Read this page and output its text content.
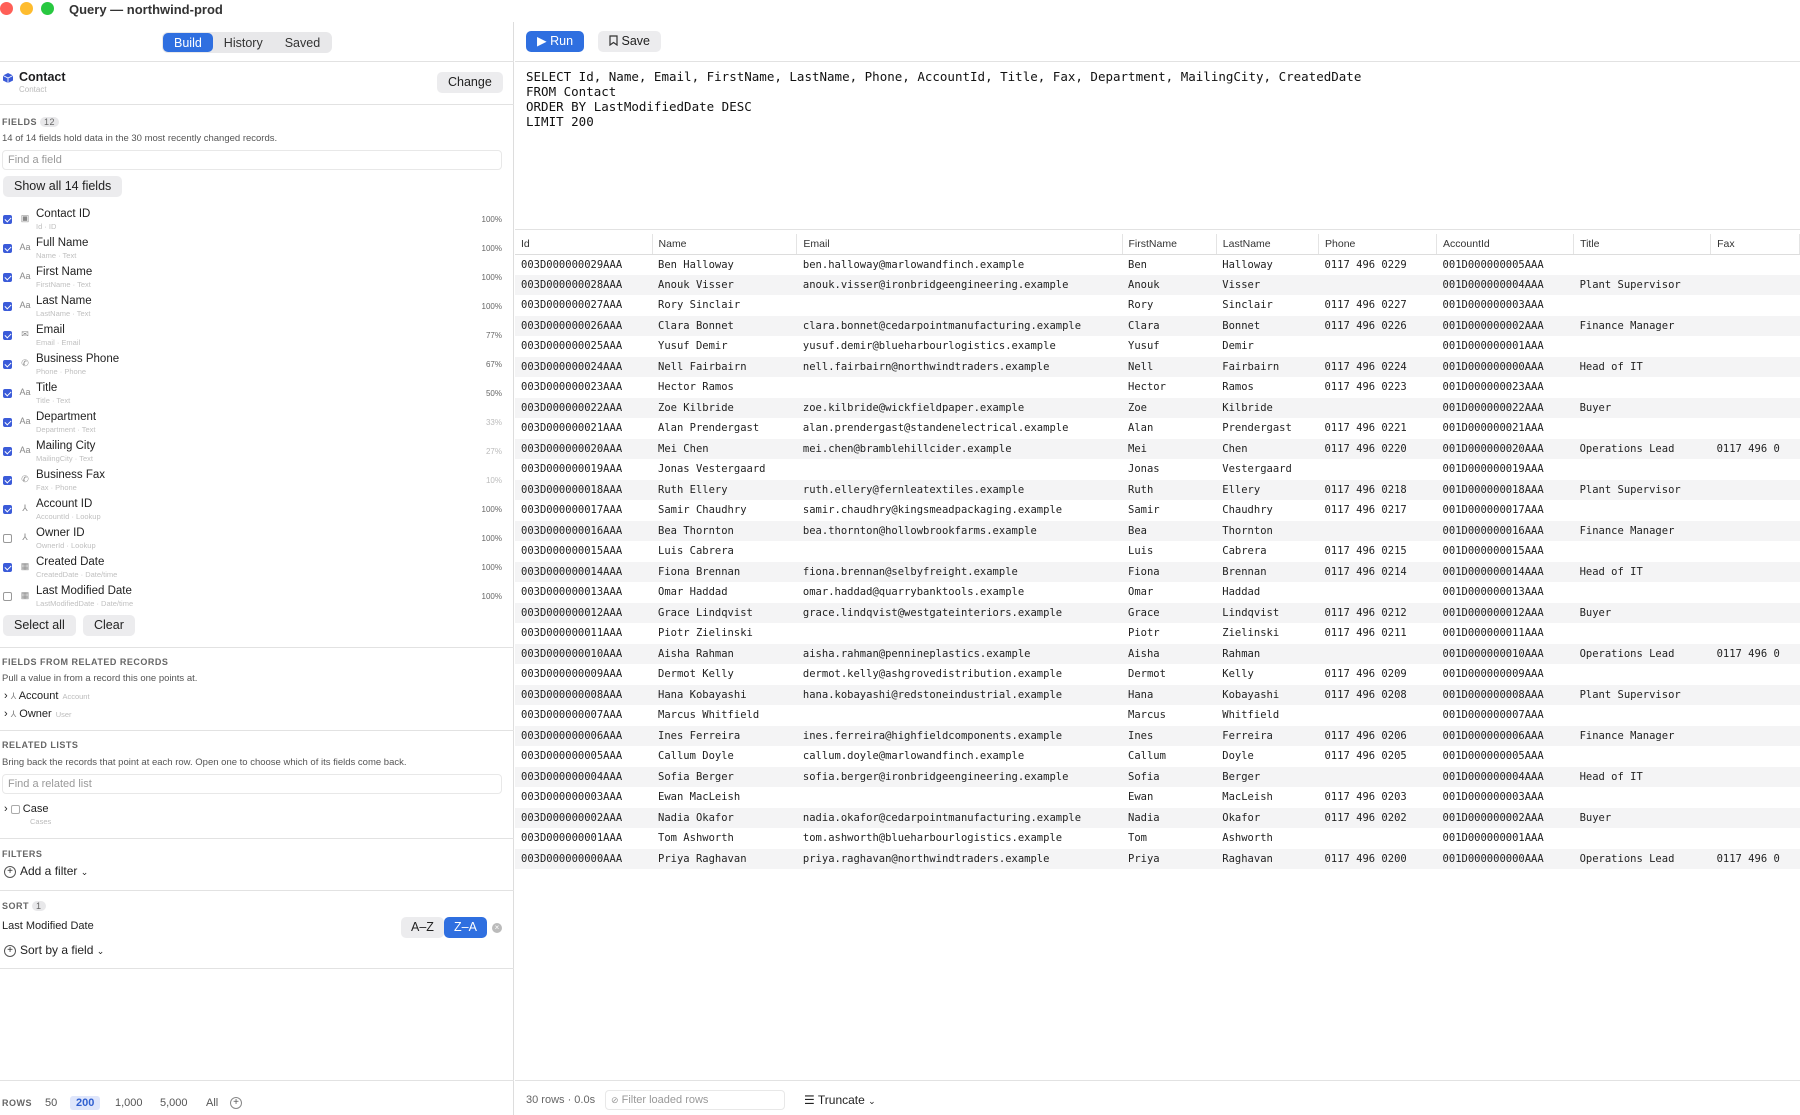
Query — northwind-prod
Build	History	Saved
Contact
Contact
Change
FIELDS 12
14 of 14 fields hold data in the 30 most recently changed records.
Find a field
Show all 14 fields
▣ Contact ID
Id · ID
100%
Aa Full Name
Name · Text
100%
Aa First Name
FirstName · Text
100%
Aa Last Name
LastName · Text
100%
✉ Email
Email · Email
77%
✆ Business Phone
Phone · Phone
67%
Aa Title
Title · Text
50%
Aa Department
Department · Text
33%
Aa Mailing City
MailingCity · Text
27%
✆ Business Fax
Fax · Phone
10%
⅄ Account ID
AccountId · Lookup
100%
⅄ Owner ID
OwnerId · Lookup
100%
▦ Created Date
CreatedDate · Date/time
100%
▦ Last Modified Date
LastModifiedDate · Date/time
100%
Select all	Clear
FIELDS FROM RELATED RECORDS
Pull a value in from a record this one points at.
› ⅄ Account Account
› ⅄ Owner User
RELATED LISTS
Bring back the records that point at each row. Open one to choose which of its fields come back.
Find a related list
› Case
Cases
FILTERS
+ Add a filter ⌄
SORT 1
Last Modified Date	A–Z	Z–A	×
+ Sort by a field ⌄
ROWS 50	200	1,000 5,000 All	+
▶ Run	Save
SELECT Id, Name, Email, FirstName, LastName, Phone, AccountId, Title, Fax, Department, MailingCity, CreatedDate
FROM Contact
ORDER BY LastModifiedDate DESC
LIMIT 200
Id	Name	Email	FirstName	LastName	Phone	AccountId	Title	Fax
003D000000029AAA	Ben Halloway	ben.halloway@marlowandfinch.example	Ben	Halloway	0117 496 0229	001D000000005AAA		
003D000000028AAA	Anouk Visser	anouk.visser@ironbridgeengineering.example	Anouk	Visser		001D000000004AAA	Plant Supervisor	
003D000000027AAA	Rory Sinclair		Rory	Sinclair	0117 496 0227	001D000000003AAA		
003D000000026AAA	Clara Bonnet	clara.bonnet@cedarpointmanufacturing.example	Clara	Bonnet	0117 496 0226	001D000000002AAA	Finance Manager	
003D000000025AAA	Yusuf Demir	yusuf.demir@blueharbourlogistics.example	Yusuf	Demir		001D000000001AAA		
003D000000024AAA	Nell Fairbairn	nell.fairbairn@northwindtraders.example	Nell	Fairbairn	0117 496 0224	001D000000000AAA	Head of IT	
003D000000023AAA	Hector Ramos		Hector	Ramos	0117 496 0223	001D000000023AAA		
003D000000022AAA	Zoe Kilbride	zoe.kilbride@wickfieldpaper.example	Zoe	Kilbride		001D000000022AAA	Buyer	
003D000000021AAA	Alan Prendergast	alan.prendergast@standenelectrical.example	Alan	Prendergast	0117 496 0221	001D000000021AAA		
003D000000020AAA	Mei Chen	mei.chen@bramblehillcider.example	Mei	Chen	0117 496 0220	001D000000020AAA	Operations Lead	0117 496 0
003D000000019AAA	Jonas Vestergaard		Jonas	Vestergaard		001D000000019AAA		
003D000000018AAA	Ruth Ellery	ruth.ellery@fernleatextiles.example	Ruth	Ellery	0117 496 0218	001D000000018AAA	Plant Supervisor	
003D000000017AAA	Samir Chaudhry	samir.chaudhry@kingsmeadpackaging.example	Samir	Chaudhry	0117 496 0217	001D000000017AAA		
003D000000016AAA	Bea Thornton	bea.thornton@hollowbrookfarms.example	Bea	Thornton		001D000000016AAA	Finance Manager	
003D000000015AAA	Luis Cabrera		Luis	Cabrera	0117 496 0215	001D000000015AAA		
003D000000014AAA	Fiona Brennan	fiona.brennan@selbyfreight.example	Fiona	Brennan	0117 496 0214	001D000000014AAA	Head of IT	
003D000000013AAA	Omar Haddad	omar.haddad@quarrybanktools.example	Omar	Haddad		001D000000013AAA		
003D000000012AAA	Grace Lindqvist	grace.lindqvist@westgateinteriors.example	Grace	Lindqvist	0117 496 0212	001D000000012AAA	Buyer	
003D000000011AAA	Piotr Zielinski		Piotr	Zielinski	0117 496 0211	001D000000011AAA		
003D000000010AAA	Aisha Rahman	aisha.rahman@pennineplastics.example	Aisha	Rahman		001D000000010AAA	Operations Lead	0117 496 0
003D000000009AAA	Dermot Kelly	dermot.kelly@ashgrovedistribution.example	Dermot	Kelly	0117 496 0209	001D000000009AAA		
003D000000008AAA	Hana Kobayashi	hana.kobayashi@redstoneindustrial.example	Hana	Kobayashi	0117 496 0208	001D000000008AAA	Plant Supervisor	
003D000000007AAA	Marcus Whitfield		Marcus	Whitfield		001D000000007AAA		
003D000000006AAA	Ines Ferreira	ines.ferreira@highfieldcomponents.example	Ines	Ferreira	0117 496 0206	001D000000006AAA	Finance Manager	
003D000000005AAA	Callum Doyle	callum.doyle@marlowandfinch.example	Callum	Doyle	0117 496 0205	001D000000005AAA		
003D000000004AAA	Sofia Berger	sofia.berger@ironbridgeengineering.example	Sofia	Berger		001D000000004AAA	Head of IT	
003D000000003AAA	Ewan MacLeish		Ewan	MacLeish	0117 496 0203	001D000000003AAA		
003D000000002AAA	Nadia Okafor	nadia.okafor@cedarpointmanufacturing.example	Nadia	Okafor	0117 496 0202	001D000000002AAA	Buyer	
003D000000001AAA	Tom Ashworth	tom.ashworth@blueharbourlogistics.example	Tom	Ashworth		001D000000001AAA		
003D000000000AAA	Priya Raghavan	priya.raghavan@northwindtraders.example	Priya	Raghavan	0117 496 0200	001D000000000AAA	Operations Lead	0117 496 0
30 rows · 0.0s	⊘ Filter loaded rows	☰ Truncate ⌄
